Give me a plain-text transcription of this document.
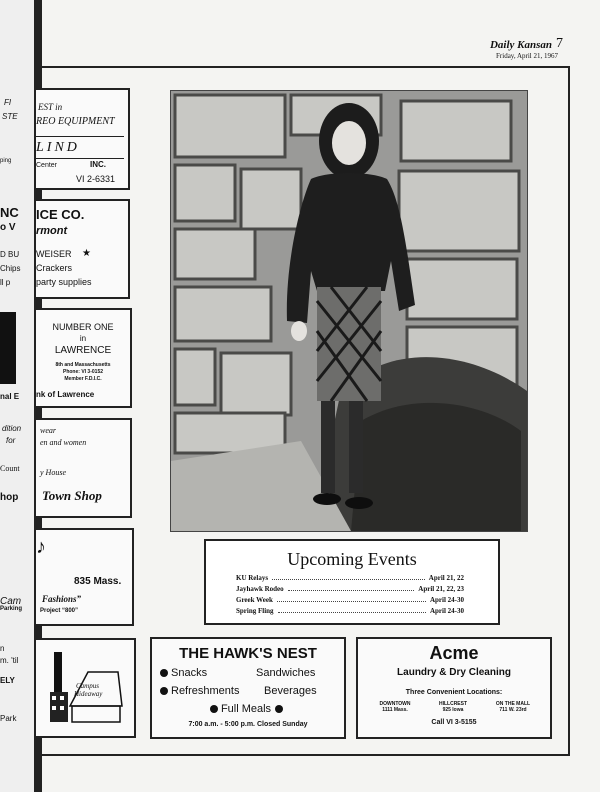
FI
STE
ping
NC
o V
D BU
Chips
ll p
nal E
dition
for
Count
hop
Parking
Cam
n
m. 'til
ELY
Park
Daily Kansan 7
Friday, April 21, 1967
EST in
REO EQUIPMENT
LIND
Center	INC.
VI 2-6331
ICE CO.
rmont
WEISER ★
Crackers
party supplies
NUMBER ONE
in
LAWRENCE
8th and Massachusetts
Phone: VI 3-0152
Member F.D.I.C.
nk of Lawrence
wear
en and women
y House
Town Shop
♪
835 Mass.
Fashions”
Project “800”
Campus
Hideaway
Upcoming Events
KU Relays	April 21, 22
Jayhawk Rodeo	April 21, 22, 23
Greek Week	April 24-30
Spring Fling	April 24-30
THE HAWK'S NEST
Snacks	Sandwiches
Refreshments Beverages
Full Meals
7:00 a.m. - 5:00 p.m. Closed Sunday
Acme
Laundry & Dry Cleaning
Three Convenient Locations:
DOWNTOWN
1111 Mass.
HILLCREST
925 Iowa
ON THE MALL
711 W. 23rd
Call VI 3-5155
